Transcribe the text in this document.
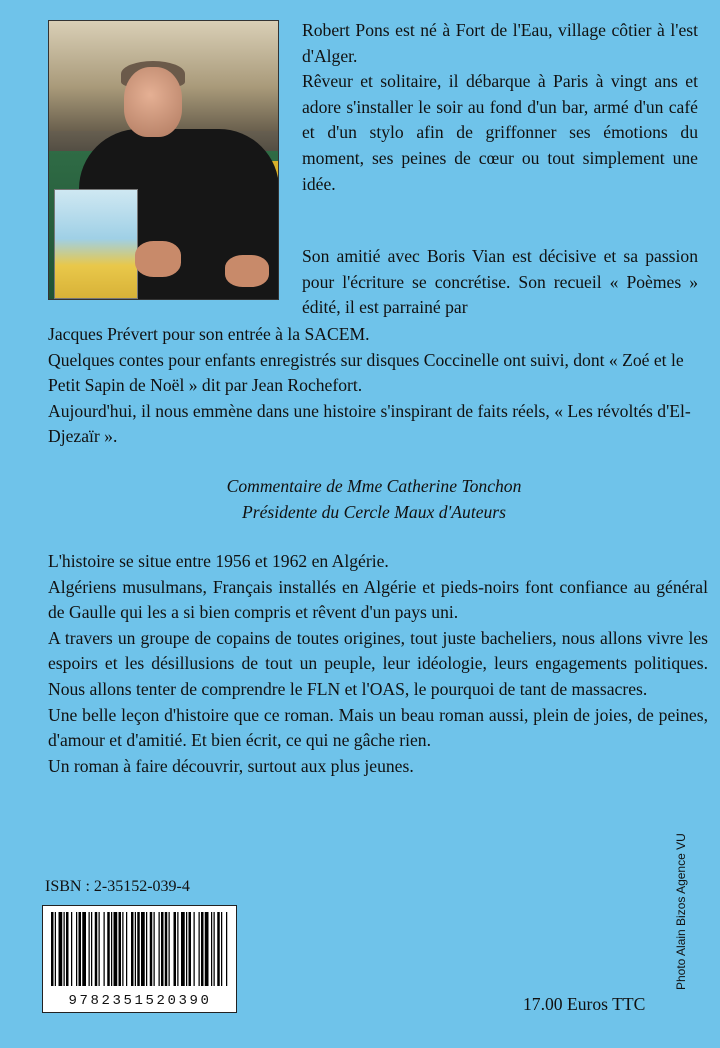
Robert Pons est né à Fort de l'Eau, village côtier à l'est d'Alger.

Rêveur et solitaire, il débarque à Paris à vingt ans et adore s'installer le soir au fond d'un bar, armé d'un café et d'un stylo afin de griffonner ses émotions du moment, ses peines de cœur ou tout simplement une idée.

Son amitié avec Boris Vian est décisive et sa passion pour l'écriture se concrétise. Son recueil « Poèmes » édité, il est parrainé par

Jacques Prévert pour son entrée à la SACEM.

Quelques contes pour enfants enregistrés sur disques Coccinelle ont suivi, dont « Zoé et le Petit Sapin de Noël » dit par Jean Rochefort.

Aujourd'hui, il nous emmène dans une histoire s'inspirant de faits réels, « Les révoltés d'El-Djezaïr ».

Commentaire de Mme Catherine Tonchon

Présidente du Cercle Maux d'Auteurs

L'histoire se situe entre 1956 et 1962 en Algérie.

Algériens musulmans, Français installés en Algérie et pieds-noirs font confiance au général de Gaulle qui les a si bien compris et rêvent d'un pays uni.

A travers un groupe de copains de toutes origines, tout juste bacheliers, nous allons vivre les espoirs et les désillusions de tout un peuple, leur idéologie, leurs engagements politiques. Nous allons tenter de comprendre le FLN et l'OAS, le pourquoi de tant de massacres.

Une belle leçon d'histoire que ce roman. Mais un beau roman aussi, plein de joies, de peines, d'amour et d'amitié. Et bien écrit, ce qui ne gâche rien.

Un roman à faire découvrir, surtout aux plus jeunes.

ISBN : 2-35152-039-4
9782351520390	17.00 Euros TTC
Photo Alain Bizos Agence VU
